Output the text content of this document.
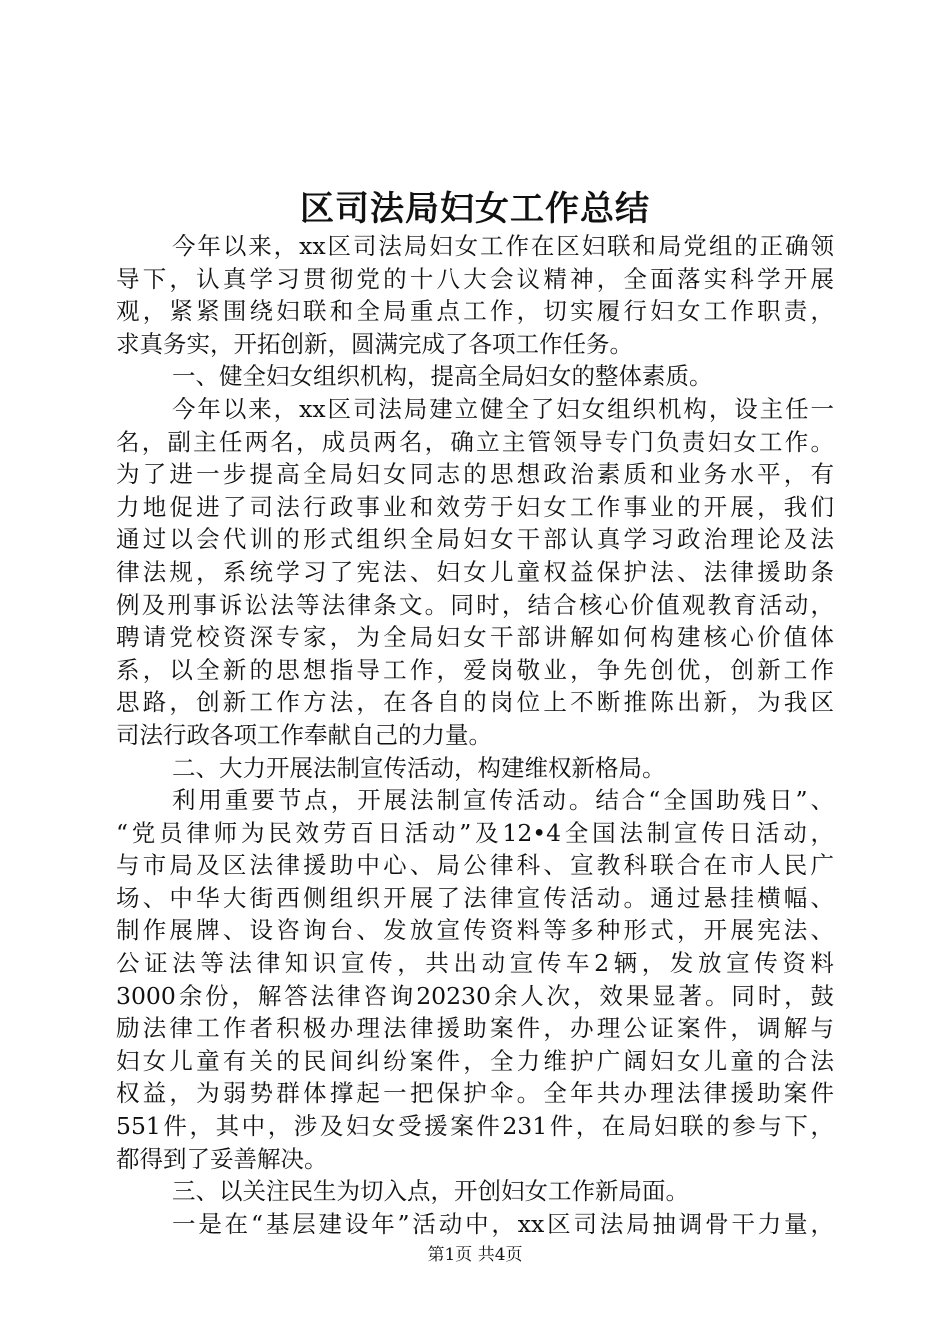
区司法局妇女工作总结
今年以来，xx区司法局妇女工作在区妇联和局党组的正确领
导下，认真学习贯彻党的十八大会议精神，全面落实科学开展
观，紧紧围绕妇联和全局重点工作，切实履行妇女工作职责，
求真务实，开拓创新，圆满完成了各项工作任务。
一、健全妇女组织机构，提高全局妇女的整体素质。
今年以来，xx区司法局建立健全了妇女组织机构，设主任一
名，副主任两名，成员两名，确立主管领导专门负责妇女工作。
为了进一步提高全局妇女同志的思想政治素质和业务水平，有
力地促进了司法行政事业和效劳于妇女工作事业的开展，我们
通过以会代训的形式组织全局妇女干部认真学习政治理论及法
律法规，系统学习了宪法、妇女儿童权益保护法、法律援助条
例及刑事诉讼法等法律条文。同时，结合核心价值观教育活动，
聘请党校资深专家，为全局妇女干部讲解如何构建核心价值体
系，以全新的思想指导工作，爱岗敬业，争先创优，创新工作
思路，创新工作方法，在各自的岗位上不断推陈出新，为我区
司法行政各项工作奉献自己的力量。
二、大力开展法制宣传活动，构建维权新格局。
利用重要节点，开展法制宣传活动。结合“全国助残日”、
“党员律师为民效劳百日活动”及12•4全国法制宣传日活动，
与市局及区法律援助中心、局公律科、宣教科联合在市人民广
场、中华大街西侧组织开展了法律宣传活动。通过悬挂横幅、
制作展牌、设咨询台、发放宣传资料等多种形式，开展宪法、
公证法等法律知识宣传，共出动宣传车2辆，发放宣传资料
3000余份，解答法律咨询20230余人次，效果显著。同时，鼓
励法律工作者积极办理法律援助案件，办理公证案件，调解与
妇女儿童有关的民间纠纷案件，全力维护广阔妇女儿童的合法
权益，为弱势群体撑起一把保护伞。全年共办理法律援助案件
551件，其中，涉及妇女受援案件231件，在局妇联的参与下，
都得到了妥善解决。
三、以关注民生为切入点，开创妇女工作新局面。
一是在“基层建设年”活动中，xx区司法局抽调骨干力量，
第1页 共4页
